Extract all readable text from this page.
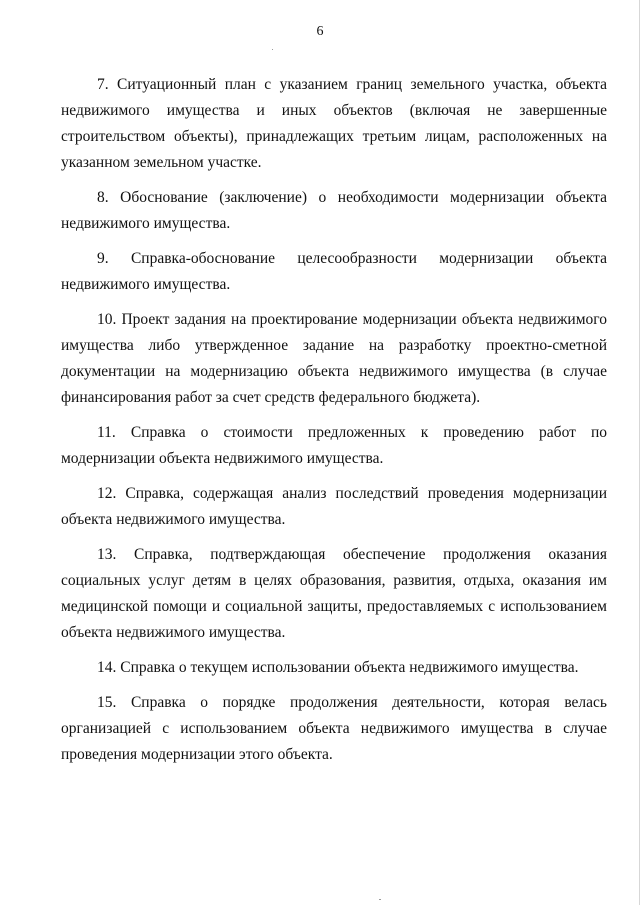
6

7. Ситуационный план с указанием границ земельного участка, объекта недвижимого имущества и иных объектов (включая не завершенные строительством объекты), принадлежащих третьим лицам, расположенных на указанном земельном участке.

8. Обоснование (заключение) о необходимости модернизации объекта недвижимого имущества.

9. Справка-обоснование целесообразности модернизации объекта недвижимого имущества.

10. Проект задания на проектирование модернизации объекта недвижимого имущества либо утвержденное задание на разработку проектно-сметной документации на модернизацию объекта недвижимого имущества (в случае финансирования работ за счет средств федерального бюджета).

11. Справка о стоимости предложенных к проведению работ по модернизации объекта недвижимого имущества.

12. Справка, содержащая анализ последствий проведения модернизации объекта недвижимого имущества.

13. Справка, подтверждающая обеспечение продолжения оказания социальных услуг детям в целях образования, развития, отдыха, оказания им медицинской помощи и социальной защиты, предоставляемых с использованием объекта недвижимого имущества.

14. Справка о текущем использовании объекта недвижимого имущества.

15. Справка о порядке продолжения деятельности, которая велась организацией с использованием объекта недвижимого имущества в случае проведения модернизации этого объекта.
